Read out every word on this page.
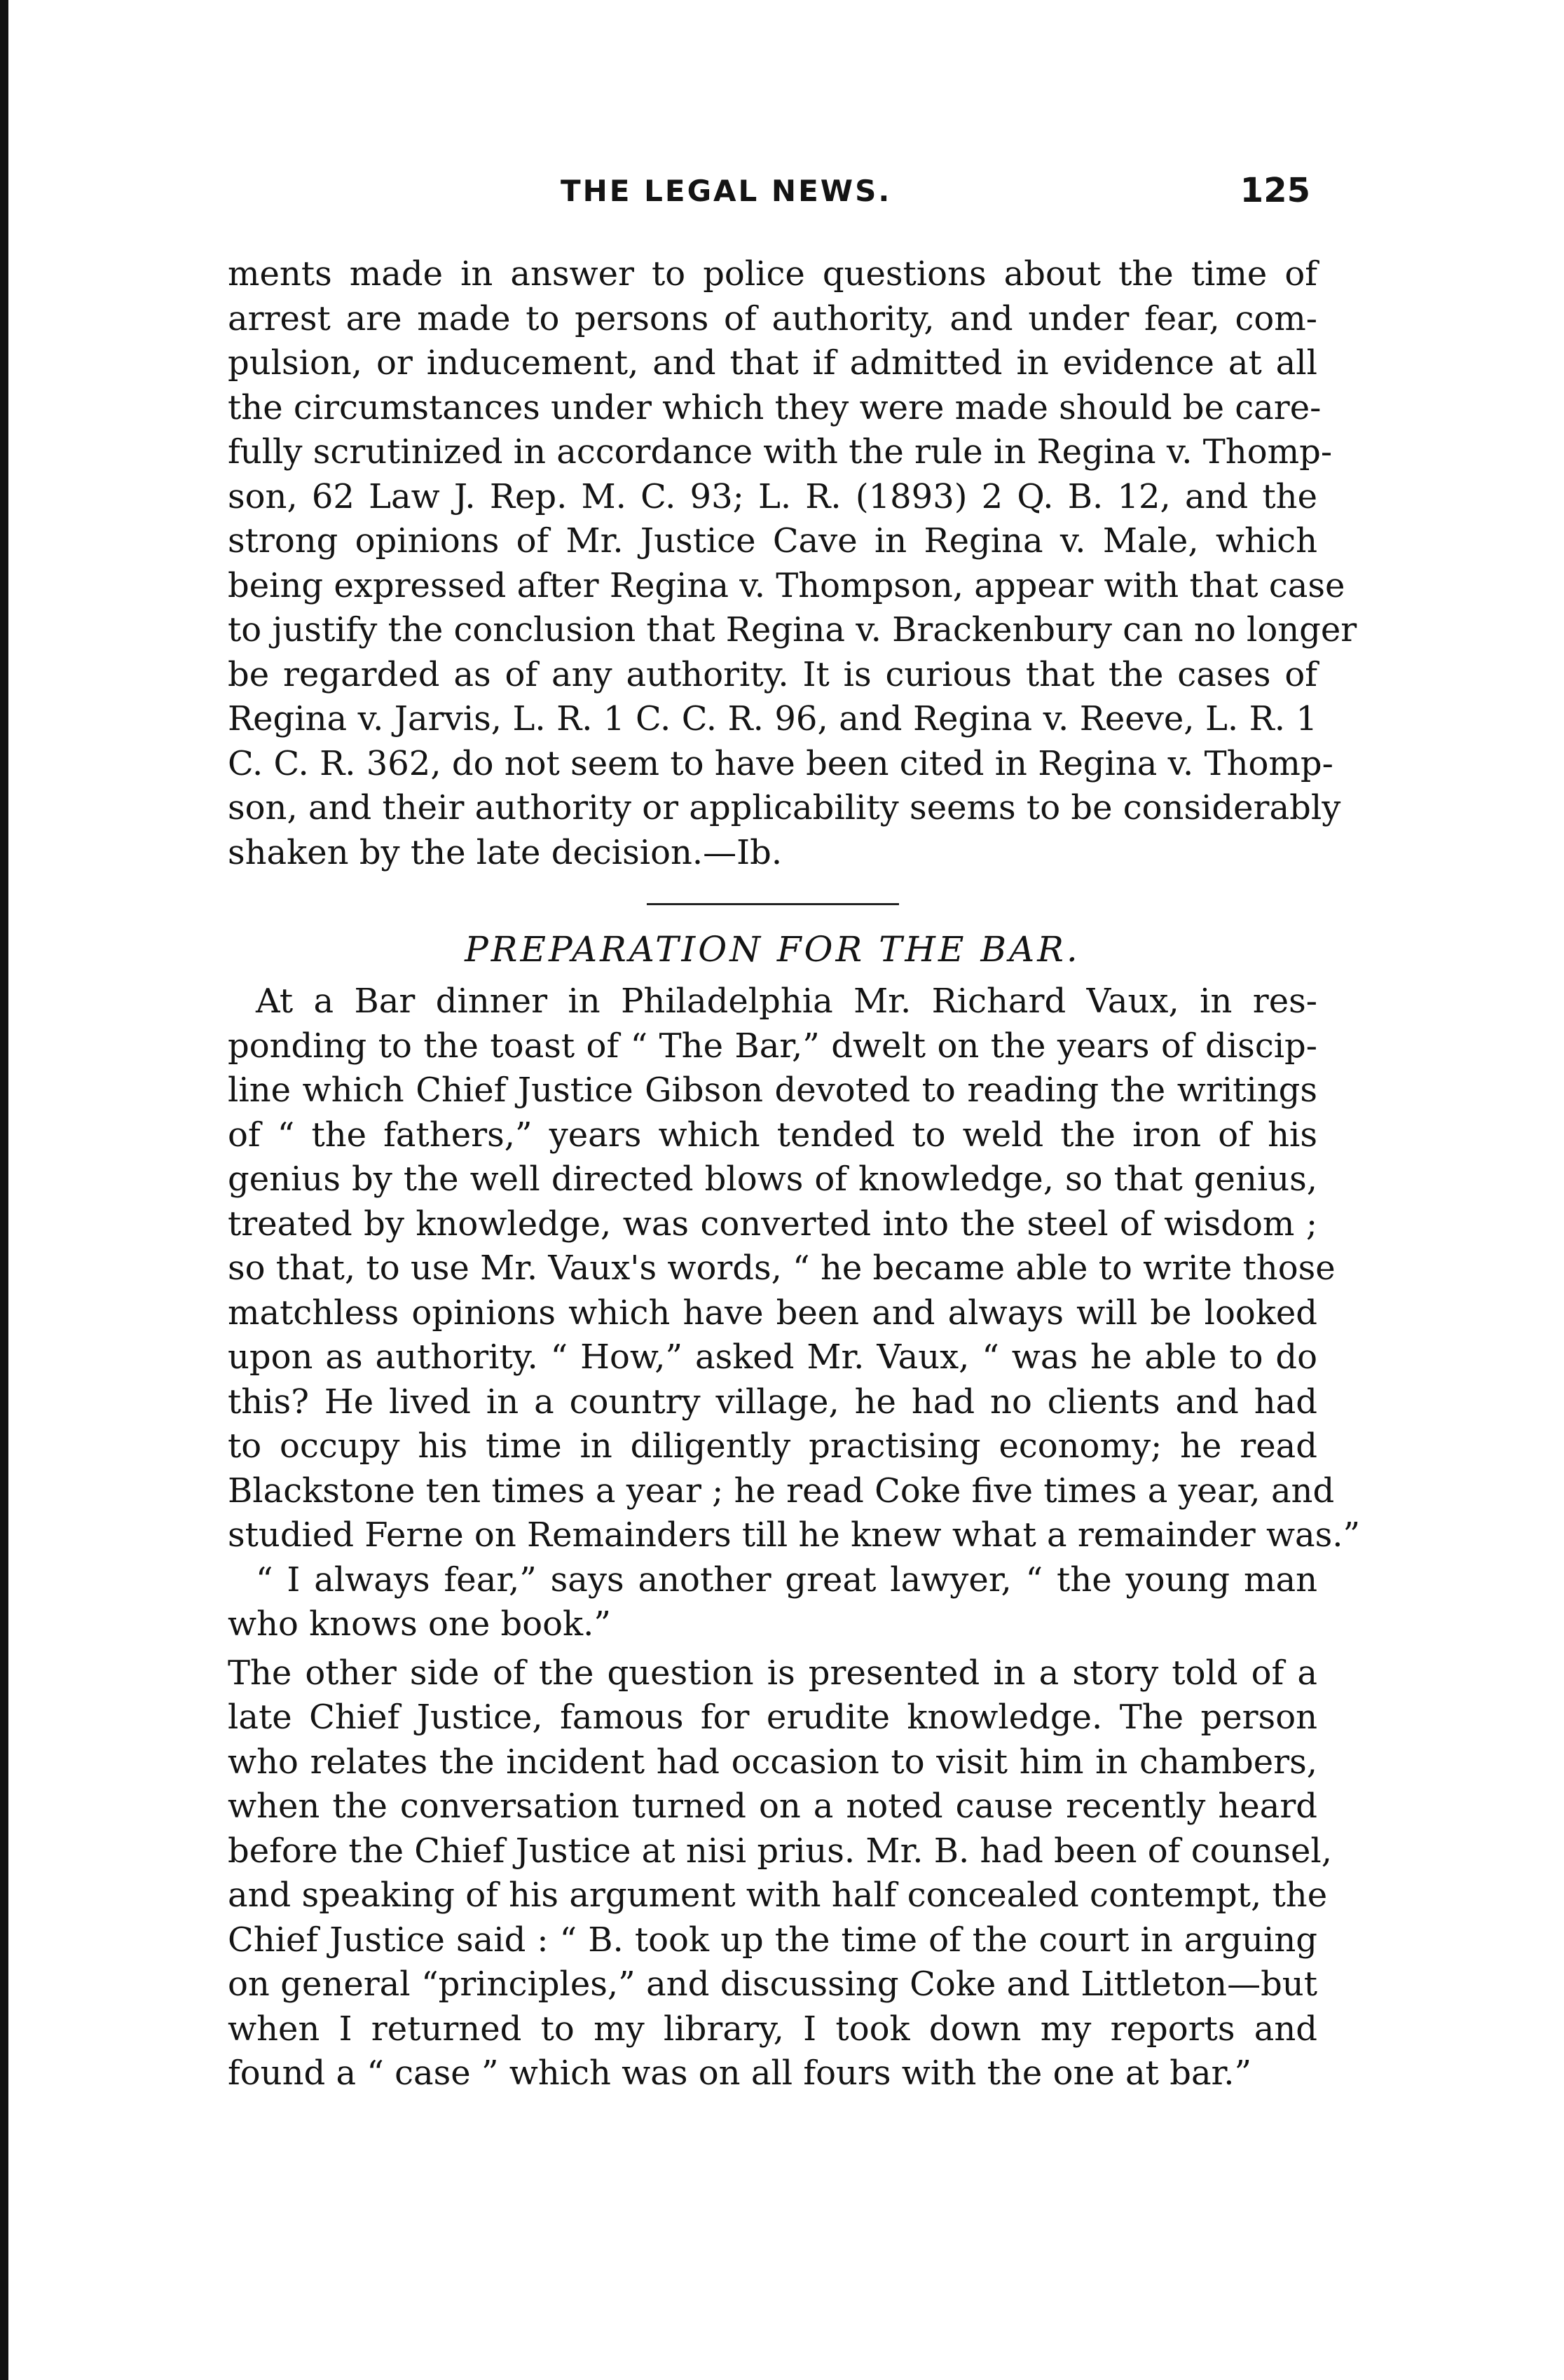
THE LEGAL NEWS.	125
ments made in answer to police questions about the time of
arrest are made to persons of authority, and under fear, com-
pulsion, or inducement, and that if admitted in evidence at all
the circumstances under which they were made should be care-
fully scrutinized in accordance with the rule in Regina v. Thomp-
son, 62 Law J. Rep. M. C. 93; L. R. (1893) 2 Q. B. 12, and the
strong opinions of Mr. Justice Cave in Regina v. Male, which
being expressed after Regina v. Thompson, appear with that case
to justify the conclusion that Regina v. Brackenbury can no longer
be regarded as of any authority. It is curious that the cases of
Regina v. Jarvis, L. R. 1 C. C. R. 96, and Regina v. Reeve, L. R. 1
C. C. R. 362, do not seem to have been cited in Regina v. Thomp-
son, and their authority or applicability seems to be considerably
shaken by the late decision.—Ib.
PREPARATION FOR THE BAR.
At a Bar dinner in Philadelphia Mr. Richard Vaux, in res-
ponding to the toast of “ The Bar,” dwelt on the years of discip-
line which Chief Justice Gibson devoted to reading the writings
of “ the fathers,” years which tended to weld the iron of his
genius by the well directed blows of knowledge, so that genius,
treated by knowledge, was converted into the steel of wisdom ;
so that, to use Mr. Vaux's words, “ he became able to write those
matchless opinions which have been and always will be looked
upon as authority. “ How,” asked Mr. Vaux, “ was he able to do
this? He lived in a country village, he had no clients and had
to occupy his time in diligently practising economy; he read
Blackstone ten times a year ; he read Coke five times a year, and
studied Ferne on Remainders till he knew what a remainder was.”
“ I always fear,” says another great lawyer, “ the young man
who knows one book.”
The other side of the question is presented in a story told of a
late Chief Justice, famous for erudite knowledge. The person
who relates the incident had occasion to visit him in chambers,
when the conversation turned on a noted cause recently heard
before the Chief Justice at nisi prius. Mr. B. had been of counsel,
and speaking of his argument with half concealed contempt, the
Chief Justice said : “ B. took up the time of the court in arguing
on general “principles,” and discussing Coke and Littleton—but
when I returned to my library, I took down my reports and
found a “ case ” which was on all fours with the one at bar.”
